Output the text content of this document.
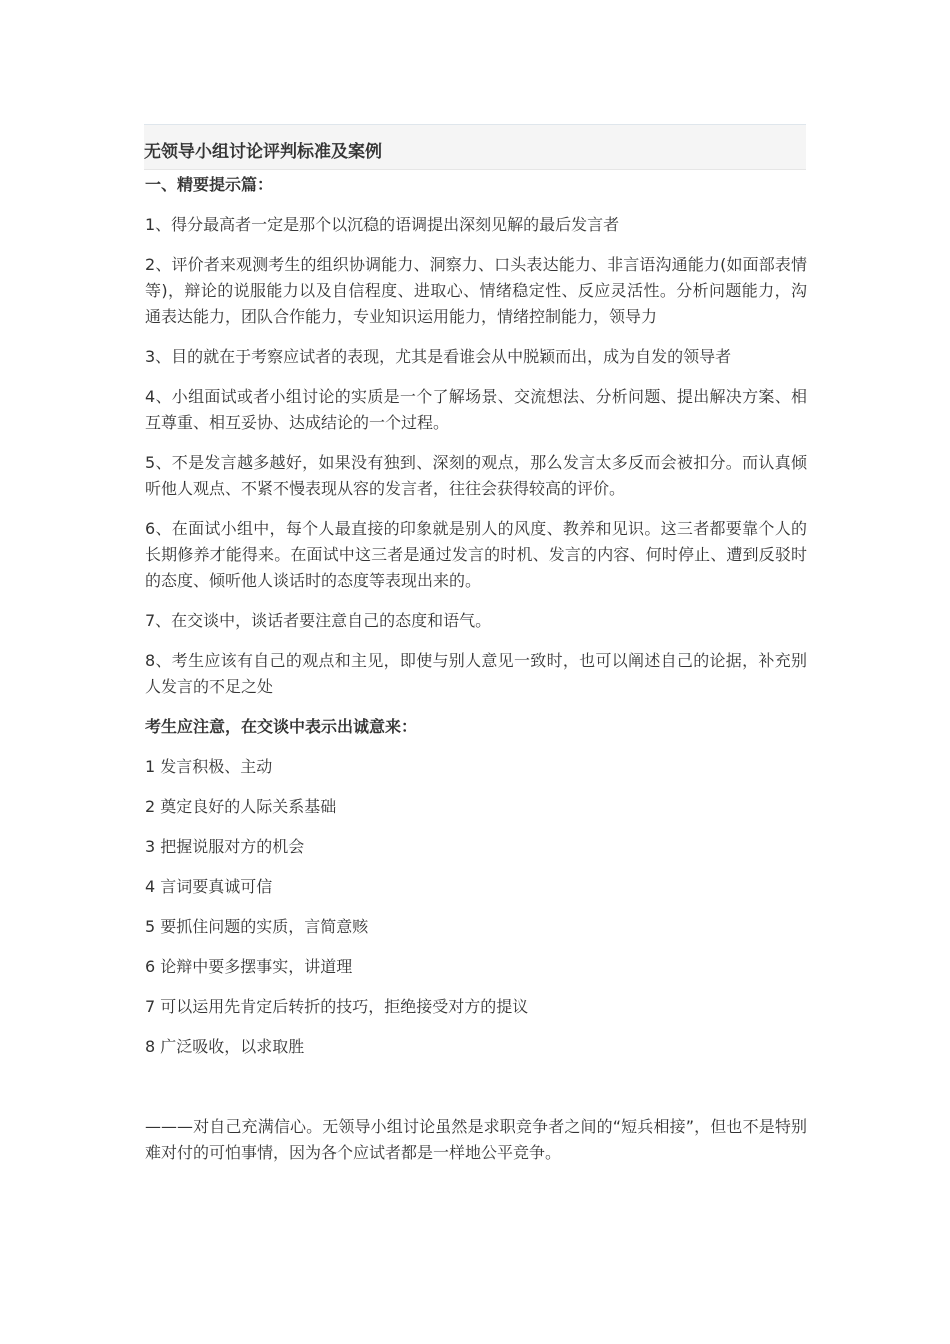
无领导小组讨论评判标准及案例

一、精要提示篇：

1、得分最高者一定是那个以沉稳的语调提出深刻见解的最后发言者

2、评价者来观测考生的组织协调能力、洞察力、口头表达能力、非言语沟通能力(如面部表情等)，辩论的说服能力以及自信程度、进取心、情绪稳定性、反应灵活性。分析问题能力，沟通表达能力，团队合作能力，专业知识运用能力，情绪控制能力，领导力

3、目的就在于考察应试者的表现，尤其是看谁会从中脱颖而出，成为自发的领导者

4、小组面试或者小组讨论的实质是一个了解场景、交流想法、分析问题、提出解决方案、相互尊重、相互妥协、达成结论的一个过程。

5、不是发言越多越好，如果没有独到、深刻的观点，那么发言太多反而会被扣分。而认真倾听他人观点、不紧不慢表现从容的发言者，往往会获得较高的评价。

6、在面试小组中，每个人最直接的印象就是别人的风度、教养和见识。这三者都要靠个人的长期修养才能得来。在面试中这三者是通过发言的时机、发言的内容、何时停止、遭到反驳时的态度、倾听他人谈话时的态度等表现出来的。

7、在交谈中，谈话者要注意自己的态度和语气。

8、考生应该有自己的观点和主见，即使与别人意见一致时，也可以阐述自己的论据，补充别人发言的不足之处

考生应注意，在交谈中表示出诚意来：

1 发言积极、主动

2 奠定良好的人际关系基础

3 把握说服对方的机会

4 言词要真诚可信

5 要抓住问题的实质，言简意赅

6 论辩中要多摆事实，讲道理

7 可以运用先肯定后转折的技巧，拒绝接受对方的提议

8 广泛吸收，以求取胜

———对自己充满信心。无领导小组讨论虽然是求职竞争者之间的“短兵相接”，但也不是特别难对付的可怕事情，因为各个应试者都是一样地公平竞争。
